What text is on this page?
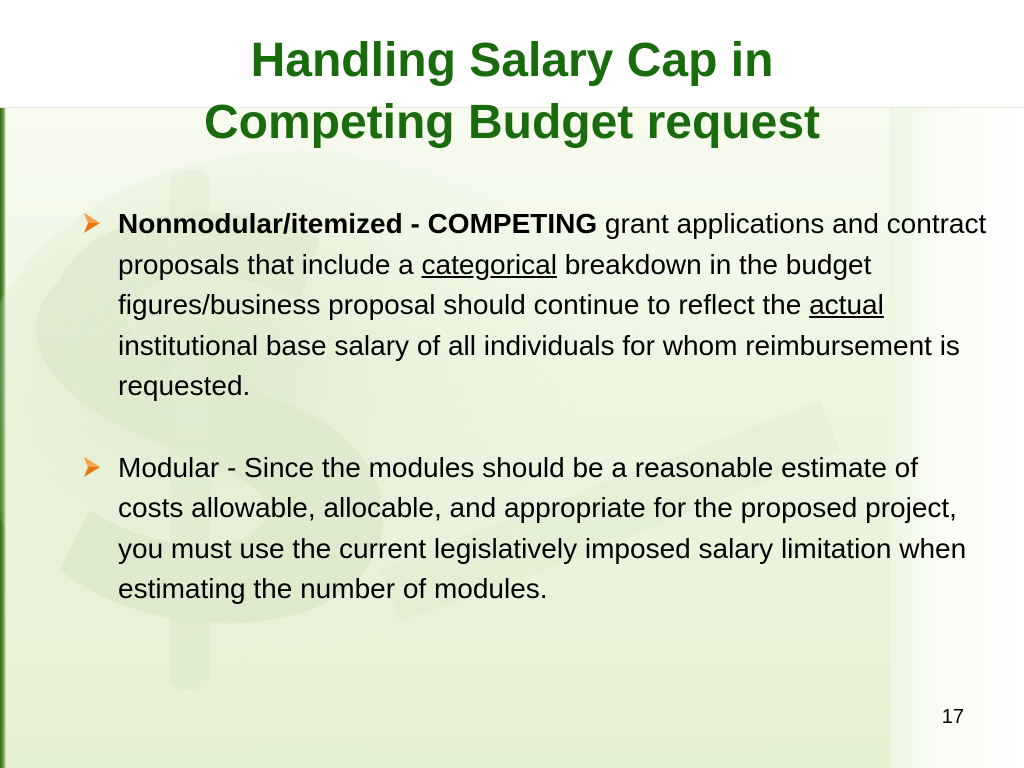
Handling Salary Cap in
Competing Budget request
Nonmodular/itemized - COMPETING grant applications and contract proposals that include a categorical breakdown in the budget figures/business proposal should continue to reflect the actual institutional base salary of all individuals for whom reimbursement is requested.
Modular - Since the modules should be a reasonable estimate of costs allowable, allocable, and appropriate for the proposed project, you must use the current legislatively imposed salary limitation when estimating the number of modules.
17
